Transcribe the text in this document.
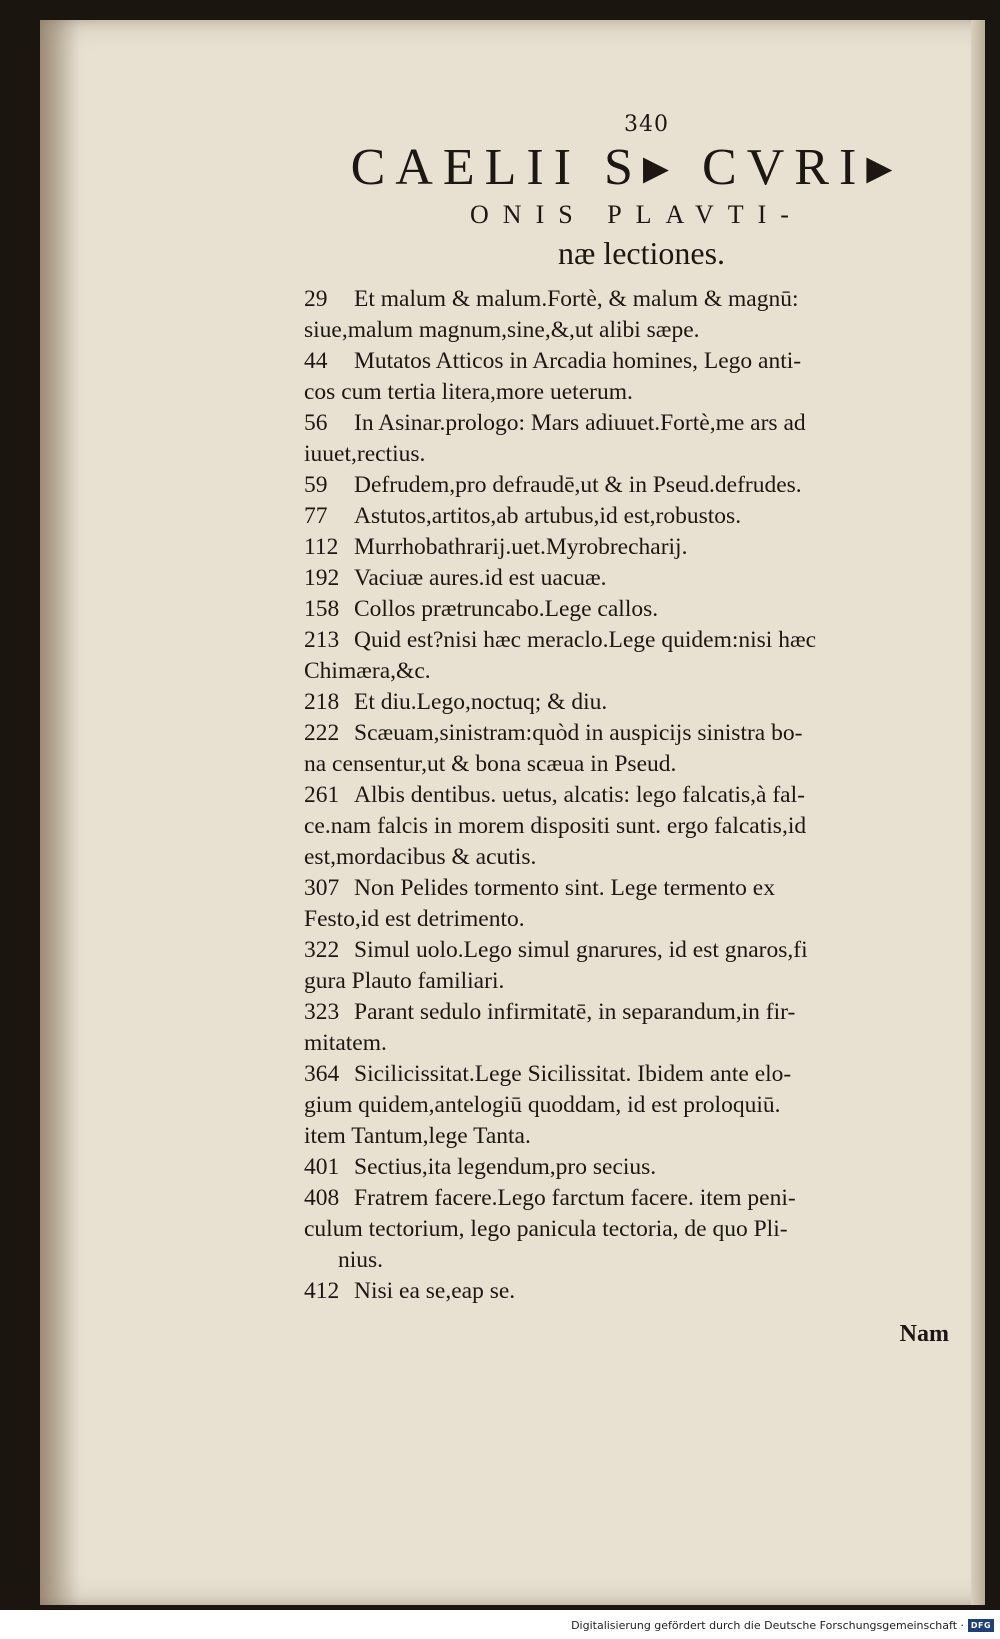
340
CAELII S▸ CVRI▸
ONIS PLAVTI-
næ lectiones.
29 Et malum & malum.Fortè, & malum & magnū:
siue,malum magnum,sine,&,ut alibi sæpe.
44 Mutatos Atticos in Arcadia homines, Lego anti-
cos cum tertia litera,more ueterum.
56 In Asinar.prologo: Mars adiuuet.Fortè,me ars ad
iuuet,rectius.
59 Defrudem,pro defraudē,ut & in Pseud.defrudes.
77 Astutos,artitos,ab artubus,id est,robustos.
112 Murrhobathrarij.uet.Myrobrecharij.
192 Vaciuæ aures.id est uacuæ.
158 Collos prætruncabo.Lege callos.
213 Quid est?nisi hæc meraclo.Lege quidem:nisi hæc
Chimæra,&c.
218 Et diu.Lego,noctuq; & diu.
222 Scæuam,sinistram:quòd in auspicijs sinistra bo-
na censentur,ut & bona scæua in Pseud.
261 Albis dentibus. uetus, alcatis: lego falcatis,à fal-
ce.nam falcis in morem dispositi sunt. ergo falcatis,id
est,mordacibus & acutis.
307 Non Pelides tormento sint. Lege termento ex
Festo,id est detrimento.
322 Simul uolo.Lego simul gnarures, id est gnaros,fi
gura Plauto familiari.
323 Parant sedulo infirmitatē, in separandum,in fir-
mitatem.
364 Sicilicissitat.Lege Sicilissitat. Ibidem ante elo-
gium quidem,antelogiū quoddam, id est proloquiū.
item Tantum,lege Tanta.
401 Sectius,ita legendum,pro secius.
408 Fratrem facere.Lego farctum facere. item peni-
culum tectorium, lego panicula tectoria, de quo Pli-
nius.
412 Nisi ea se,eap se.
Nam
Digitalisierung gefördert durch die Deutsche Forschungsgemeinschaft · DFG
